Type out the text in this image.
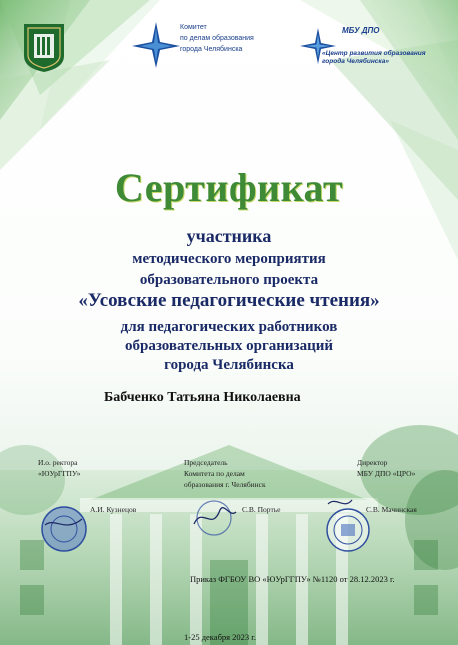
Комитет
по делам образования
города Челябинска
МБУ ДПО
«Центр развития образования
города Челябинска»
Сертификат
участника
методического мероприятия
образовательного проекта
«Усовские педагогические чтения»
для педагогических работников
образовательных организаций
города Челябинска
Бабченко Татьяна Николаевна
И.о. ректора
«ЮУрГГПУ»
А.И. Кузнецов
Председатель
Комитета по делам
образования г. Челябинск
С.В. Портье
Директор
МБУ ДПО «ЦРО»
С.В. Мачинская
Приказ ФГБОУ ВО «ЮУрГГПУ» №1120 от 28.12.2023 г.
1-25 декабря 2023 г.
